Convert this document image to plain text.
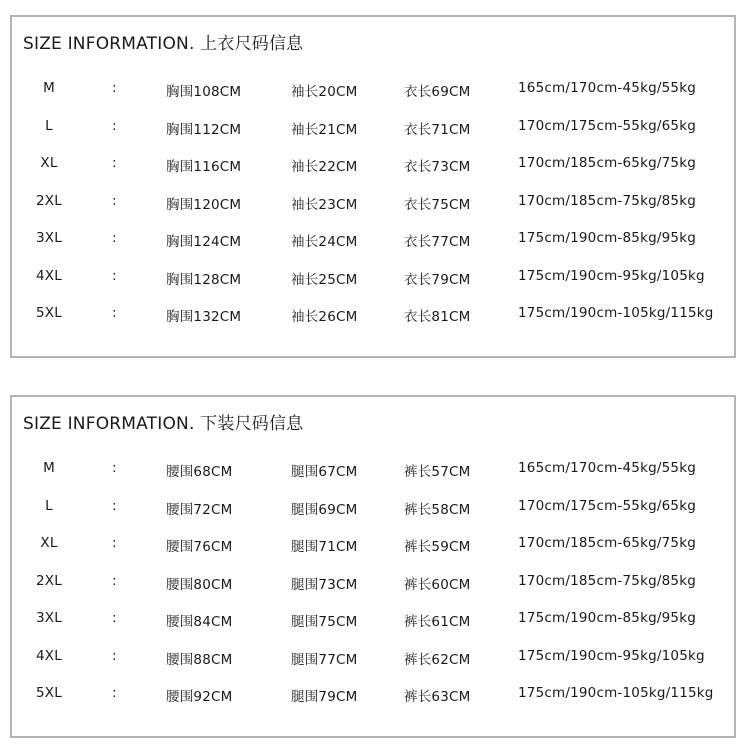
SIZE INFORMATION. 上衣尺码信息
M	:	胸围108CM	袖长20CM	衣长69CM	165cm/170cm-45kg/55kg
L	:	胸围112CM	袖长21CM	衣长71CM	170cm/175cm-55kg/65kg
XL	:	胸围116CM	袖长22CM	衣长73CM	170cm/185cm-65kg/75kg
2XL	:	胸围120CM	袖长23CM	衣长75CM	170cm/185cm-75kg/85kg
3XL	:	胸围124CM	袖长24CM	衣长77CM	175cm/190cm-85kg/95kg
4XL	:	胸围128CM	袖长25CM	衣长79CM	175cm/190cm-95kg/105kg
5XL	:	胸围132CM	袖长26CM	衣长81CM	175cm/190cm-105kg/115kg
SIZE INFORMATION. 下装尺码信息
M	:	腰围68CM	腿围67CM	裤长57CM	165cm/170cm-45kg/55kg
L	:	腰围72CM	腿围69CM	裤长58CM	170cm/175cm-55kg/65kg
XL	:	腰围76CM	腿围71CM	裤长59CM	170cm/185cm-65kg/75kg
2XL	:	腰围80CM	腿围73CM	裤长60CM	170cm/185cm-75kg/85kg
3XL	:	腰围84CM	腿围75CM	裤长61CM	175cm/190cm-85kg/95kg
4XL	:	腰围88CM	腿围77CM	裤长62CM	175cm/190cm-95kg/105kg
5XL	:	腰围92CM	腿围79CM	裤长63CM	175cm/190cm-105kg/115kg
